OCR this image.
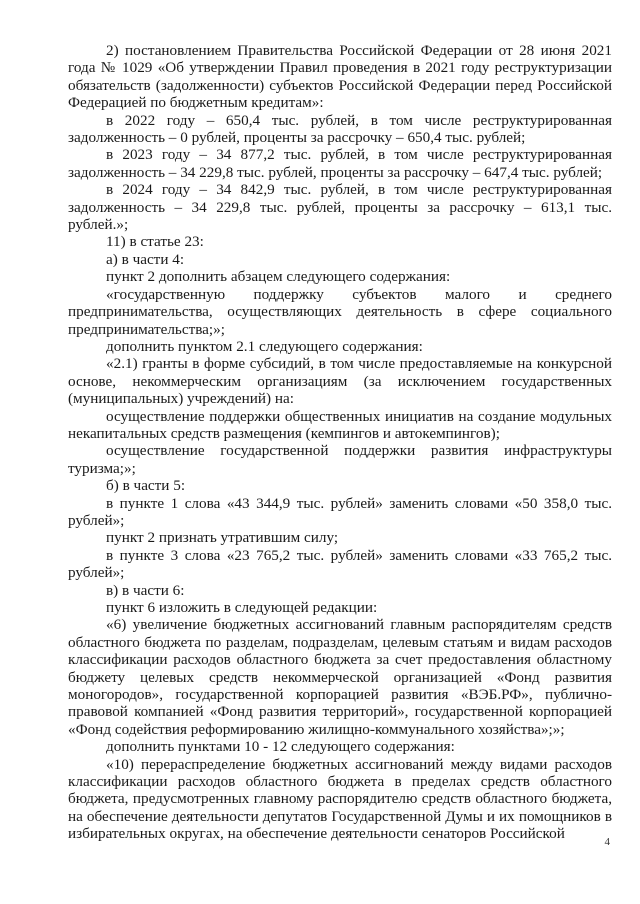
2) постановлением Правительства Российской Федерации от 28 июня 2021 года № 1029 «Об утверждении Правил проведения в 2021 году реструктуризации обязательств (задолженности) субъектов Российской Федерации перед Российской Федерацией по бюджетным кредитам»:

в 2022 году – 650,4 тыс. рублей, в том числе реструктурированная задолженность – 0 рублей, проценты за рассрочку – 650,4 тыс. рублей;

в 2023 году – 34 877,2 тыс. рублей, в том числе реструктурированная задолженность – 34 229,8 тыс. рублей, проценты за рассрочку – 647,4 тыс. рублей;

в 2024 году – 34 842,9 тыс. рублей, в том числе реструктурированная задолженность – 34 229,8 тыс. рублей, проценты за рассрочку – 613,1 тыс. рублей.»;

11) в статье 23:

а) в части 4:

пункт 2 дополнить абзацем следующего содержания:

«государственную поддержку субъектов малого и среднего предпринимательства, осуществляющих деятельность в сфере социального предпринимательства;»;

дополнить пунктом 2.1 следующего содержания:

«2.1) гранты в форме субсидий, в том числе предоставляемые на конкурсной основе, некоммерческим организациям (за исключением государственных (муниципальных) учреждений) на:

осуществление поддержки общественных инициатив на создание модульных некапитальных средств размещения (кемпингов и автокемпингов);

осуществление государственной поддержки развития инфраструктуры туризма;»;

б) в части 5:

в пункте 1 слова «43 344,9 тыс. рублей» заменить словами «50 358,0 тыс. рублей»;

пункт 2 признать утратившим силу;

в пункте 3 слова «23 765,2 тыс. рублей» заменить словами «33 765,2 тыс. рублей»;

в) в части 6:

пункт 6 изложить в следующей редакции:

«6) увеличение бюджетных ассигнований главным распорядителям средств областного бюджета по разделам, подразделам, целевым статьям и видам расходов классификации расходов областного бюджета за счет предоставления областному бюджету целевых средств некоммерческой организацией «Фонд развития моногородов», государственной корпорацией развития «ВЭБ.РФ», публично-правовой компанией «Фонд развития территорий», государственной корпорацией «Фонд содействия реформированию жилищно-коммунального хозяйства»;»;

дополнить пунктами 10 - 12 следующего содержания:

«10) перераспределение бюджетных ассигнований между видами расходов классификации расходов областного бюджета в пределах средств областного бюджета, предусмотренных главному распорядителю средств областного бюджета, на обеспечение деятельности депутатов Государственной Думы и их помощников в избирательных округах, на обеспечение деятельности сенаторов Российской	4
